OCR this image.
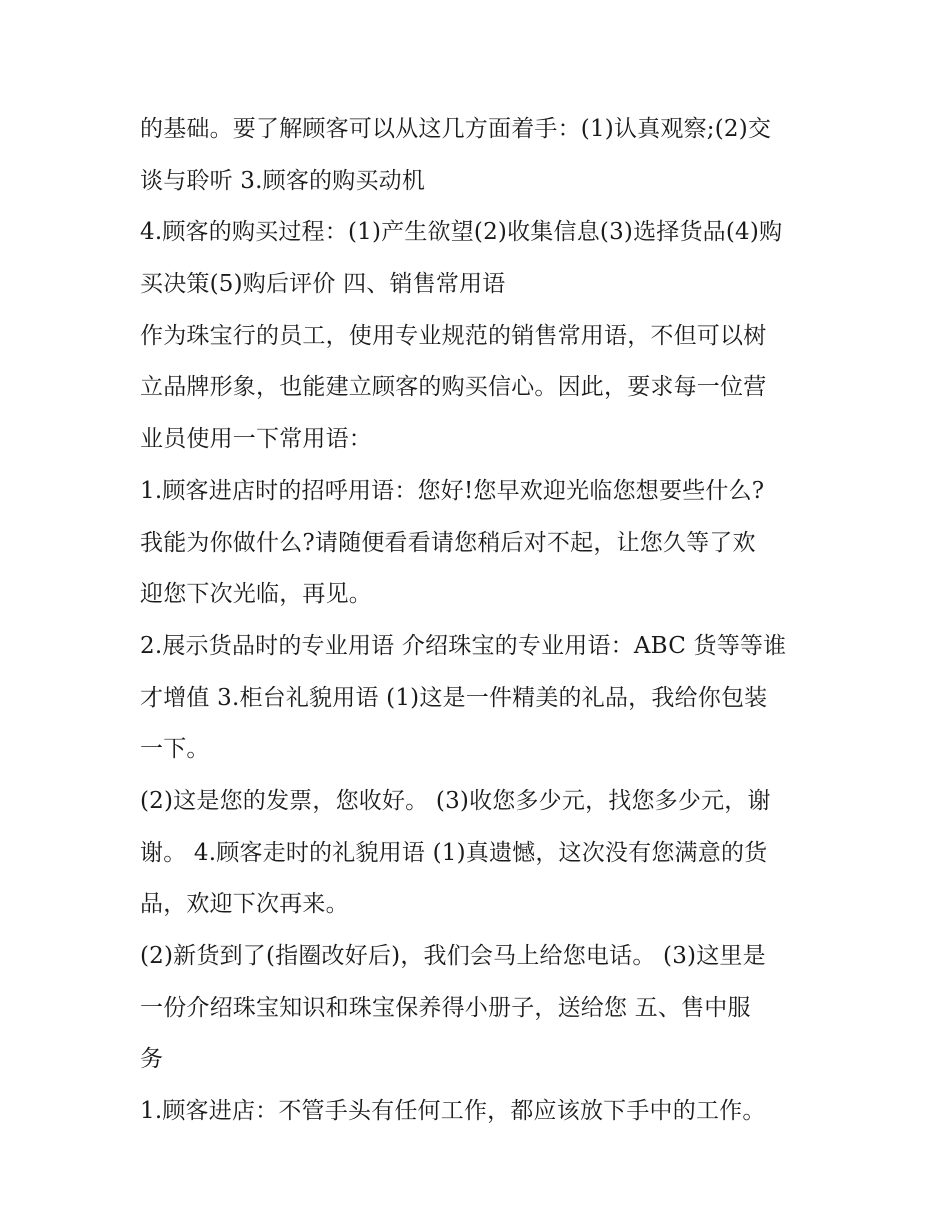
的基础。要了解顾客可以从这几方面着手：(1)认真观察;(2)交
谈与聆听 3.顾客的购买动机
4.顾客的购买过程：(1)产生欲望(2)收集信息(3)选择货品(4)购
买决策(5)购后评价 四、销售常用语
作为珠宝行的员工，使用专业规范的销售常用语，不但可以树
立品牌形象，也能建立顾客的购买信心。因此，要求每一位营
业员使用一下常用语：
1.顾客进店时的招呼用语：您好!您早欢迎光临您想要些什么?
我能为你做什么?请随便看看请您稍后对不起，让您久等了欢
迎您下次光临，再见。
2.展示货品时的专业用语 介绍珠宝的专业用语：ABC 货等等谁
才增值 3.柜台礼貌用语 (1)这是一件精美的礼品，我给你包装
一下。
(2)这是您的发票，您收好。 (3)收您多少元，找您多少元，谢
谢。 4.顾客走时的礼貌用语 (1)真遗憾，这次没有您满意的货
品，欢迎下次再来。
(2)新货到了(指圈改好后)，我们会马上给您电话。 (3)这里是
一份介绍珠宝知识和珠宝保养得小册子，送给您 五、售中服
务
1.顾客进店：不管手头有任何工作，都应该放下手中的工作。
